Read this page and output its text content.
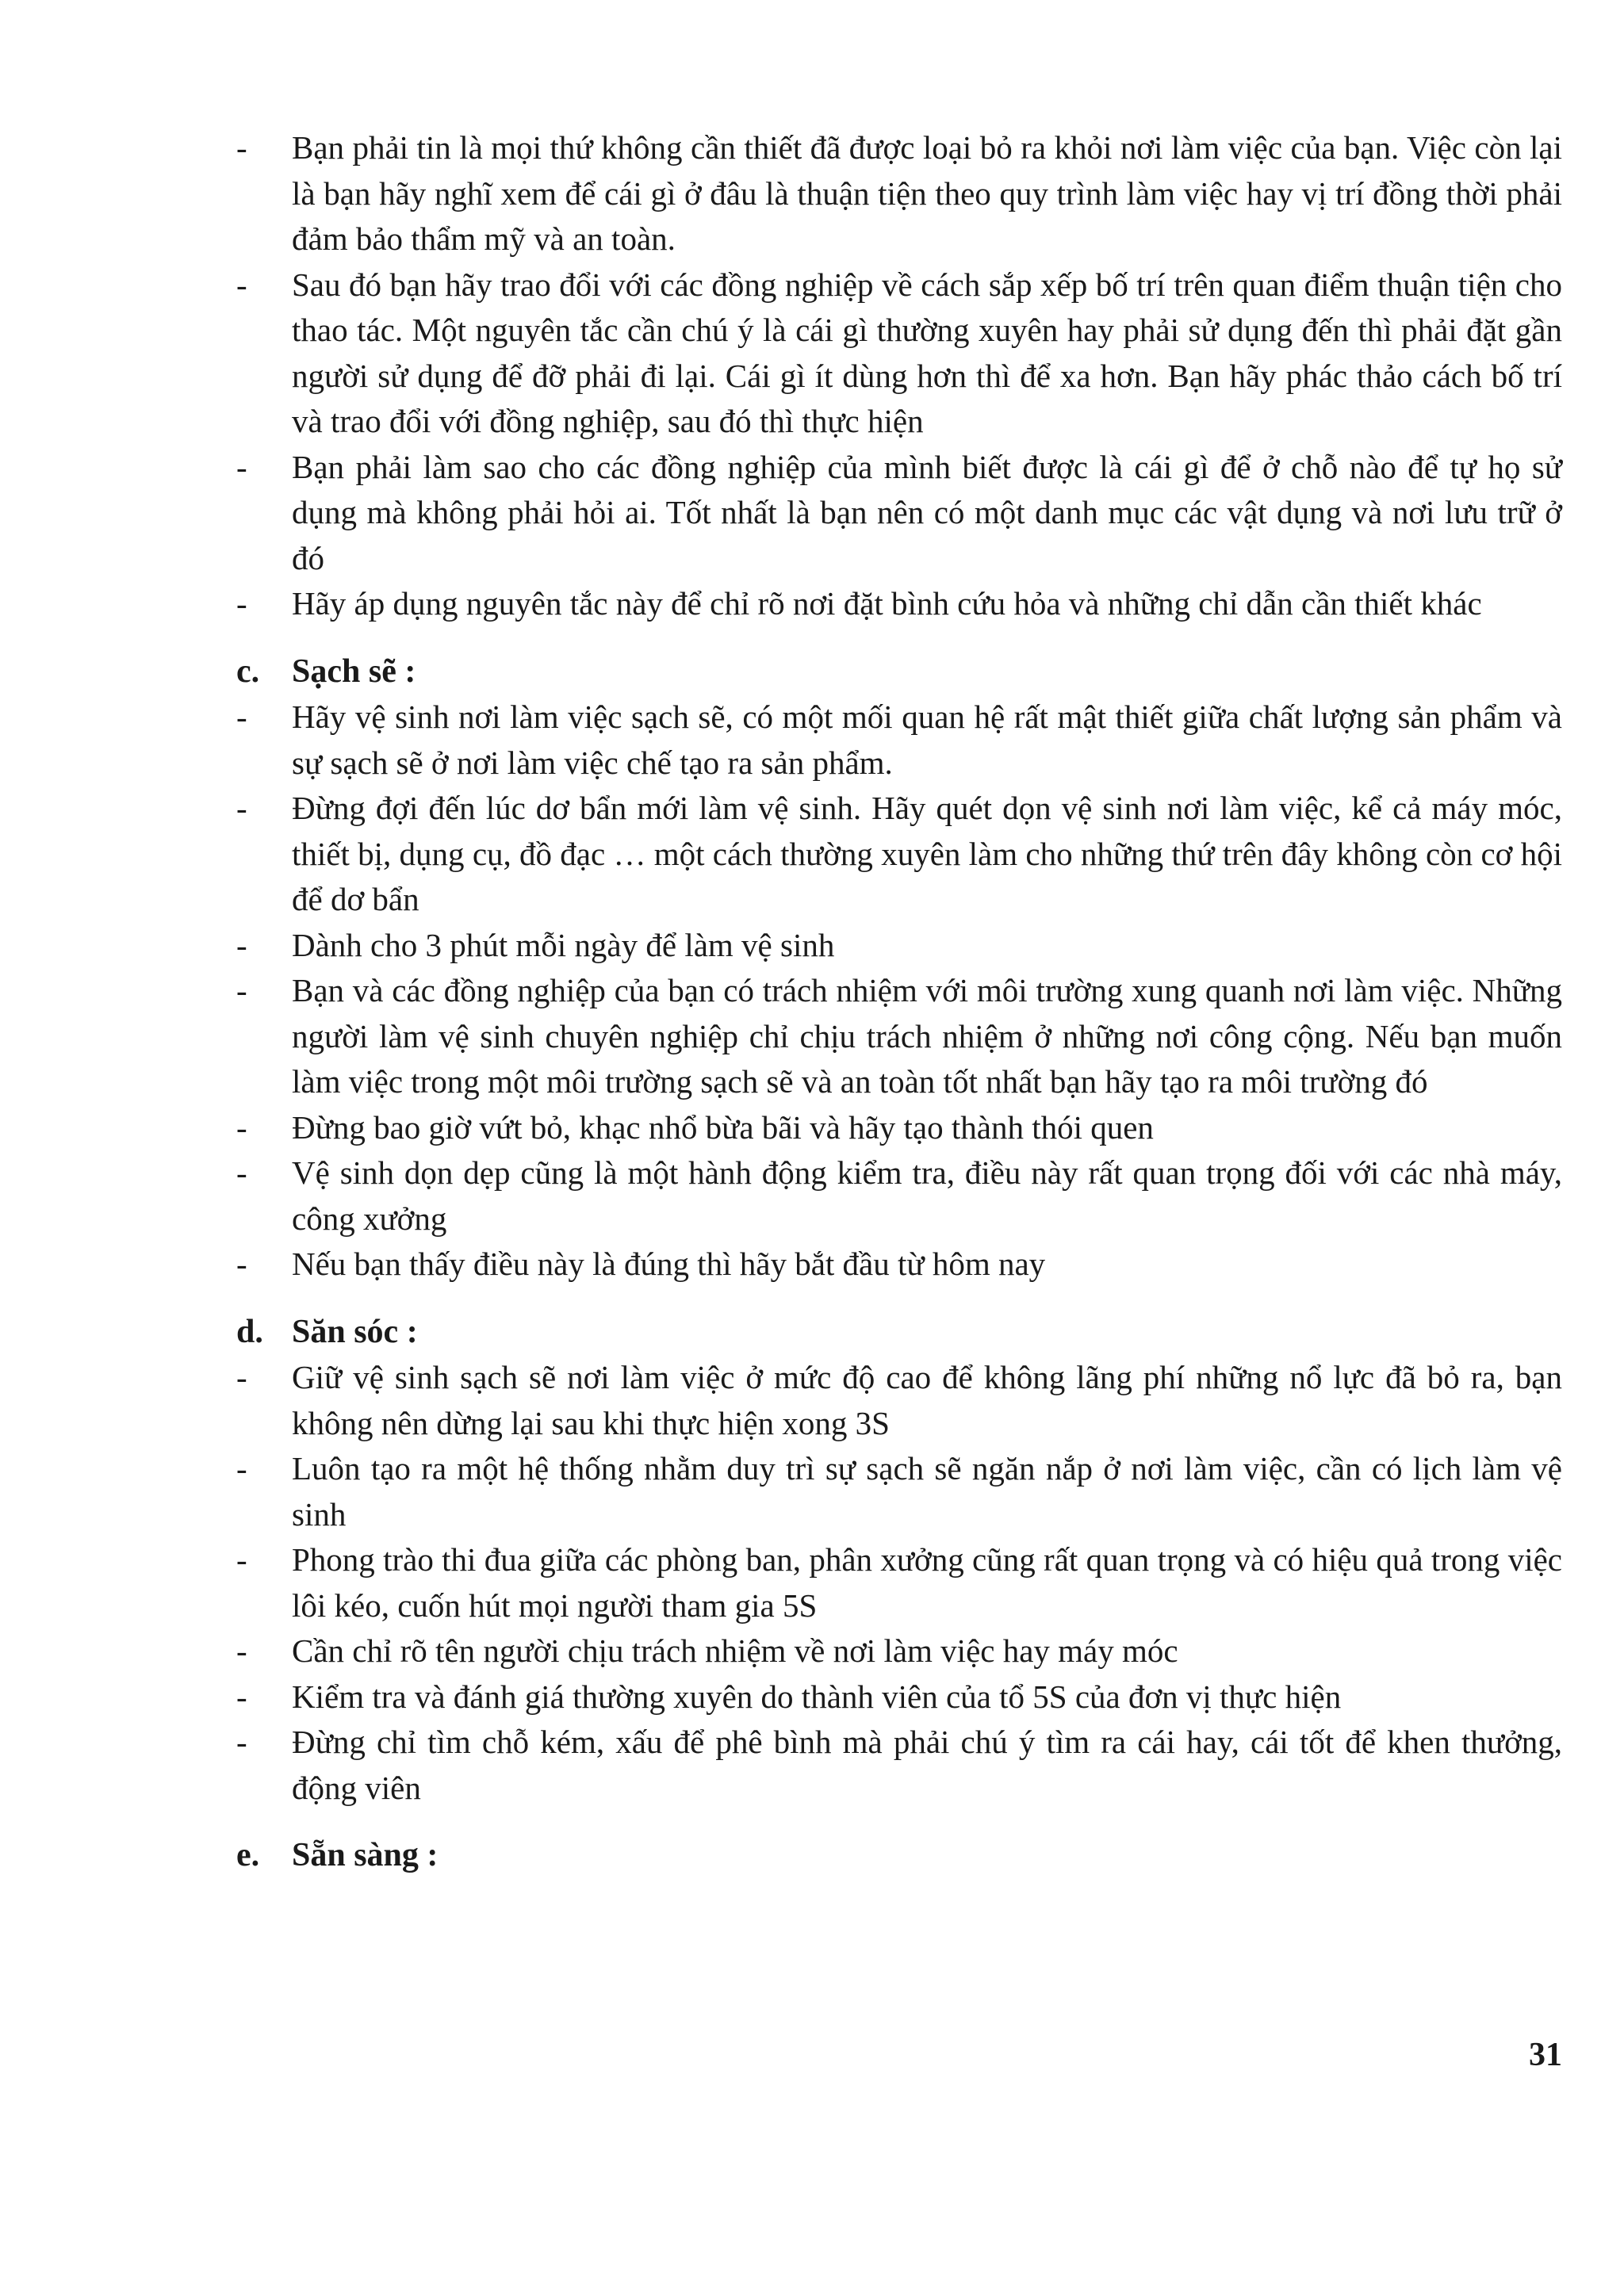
-	Bạn phải tin là mọi thứ không cần thiết đã được loại bỏ ra khỏi nơi làm việc của bạn. Việc còn lại là bạn hãy nghĩ xem để cái gì ở đâu là thuận tiện theo quy trình làm việc hay vị trí đồng thời phải đảm bảo thẩm mỹ và an toàn.
-	Sau đó bạn hãy trao đổi với các đồng nghiệp về cách sắp xếp bố trí trên quan điểm thuận tiện cho thao tác. Một nguyên tắc cần chú ý là cái gì thường xuyên hay phải sử dụng đến thì phải đặt gần người sử dụng để đỡ phải đi lại. Cái gì ít dùng hơn thì để xa hơn. Bạn hãy phác thảo cách bố trí và trao đổi với đồng nghiệp, sau đó thì thực hiện
-	Bạn phải làm sao cho các đồng nghiệp của mình biết được là cái gì để ở chỗ nào để tự họ sử dụng mà không phải hỏi ai. Tốt nhất là bạn nên có một danh mục các vật dụng và nơi lưu trữ ở đó
-	Hãy áp dụng nguyên tắc này để chỉ rõ nơi đặt bình cứu hỏa và những chỉ dẫn cần thiết khác
c. Sạch sẽ :
-	Hãy vệ sinh nơi làm việc sạch sẽ, có một mối quan hệ rất mật thiết giữa chất lượng sản phẩm và sự sạch sẽ ở nơi làm việc chế tạo ra sản phẩm.
-	Đừng đợi đến lúc dơ bẩn mới làm vệ sinh. Hãy quét dọn vệ sinh nơi làm việc, kể cả máy móc, thiết bị, dụng cụ, đồ đạc … một cách thường xuyên làm cho những thứ trên đây không còn cơ hội để dơ bẩn
-	Dành cho 3 phút mỗi ngày để làm vệ sinh
-	Bạn và các đồng nghiệp của bạn có trách nhiệm với môi trường xung quanh nơi làm việc. Những người làm vệ sinh chuyên nghiệp chỉ chịu trách nhiệm ở những nơi công cộng. Nếu bạn muốn làm việc trong một môi trường sạch sẽ và an toàn tốt nhất bạn hãy tạo ra môi trường đó
-	Đừng bao giờ vứt bỏ, khạc nhổ bừa bãi và hãy tạo thành thói quen
-	Vệ sinh dọn dẹp cũng là một hành động kiểm tra, điều này rất quan trọng đối với các nhà máy, công xưởng
-	Nếu bạn thấy điều này là đúng thì hãy bắt đầu từ hôm nay
d. Săn sóc :
-	Giữ vệ sinh sạch sẽ nơi làm việc ở mức độ cao để không lãng phí những nổ lực đã bỏ ra, bạn không nên dừng lại sau khi thực hiện xong 3S
-	Luôn tạo ra một hệ thống nhằm duy trì sự sạch sẽ ngăn nắp ở nơi làm việc, cần có lịch làm vệ sinh
-	Phong trào thi đua giữa các phòng ban, phân xưởng cũng rất quan trọng và có hiệu quả trong việc lôi kéo, cuốn hút mọi người tham gia 5S
-	Cần chỉ rõ tên người chịu trách nhiệm về nơi làm việc hay máy móc
-	Kiểm tra và đánh giá thường xuyên do thành viên của tổ 5S của đơn vị thực hiện
-	Đừng chỉ tìm chỗ kém, xấu để phê bình mà phải chú ý tìm ra cái hay, cái tốt để khen thưởng, động viên
e. Sẵn sàng :
31
